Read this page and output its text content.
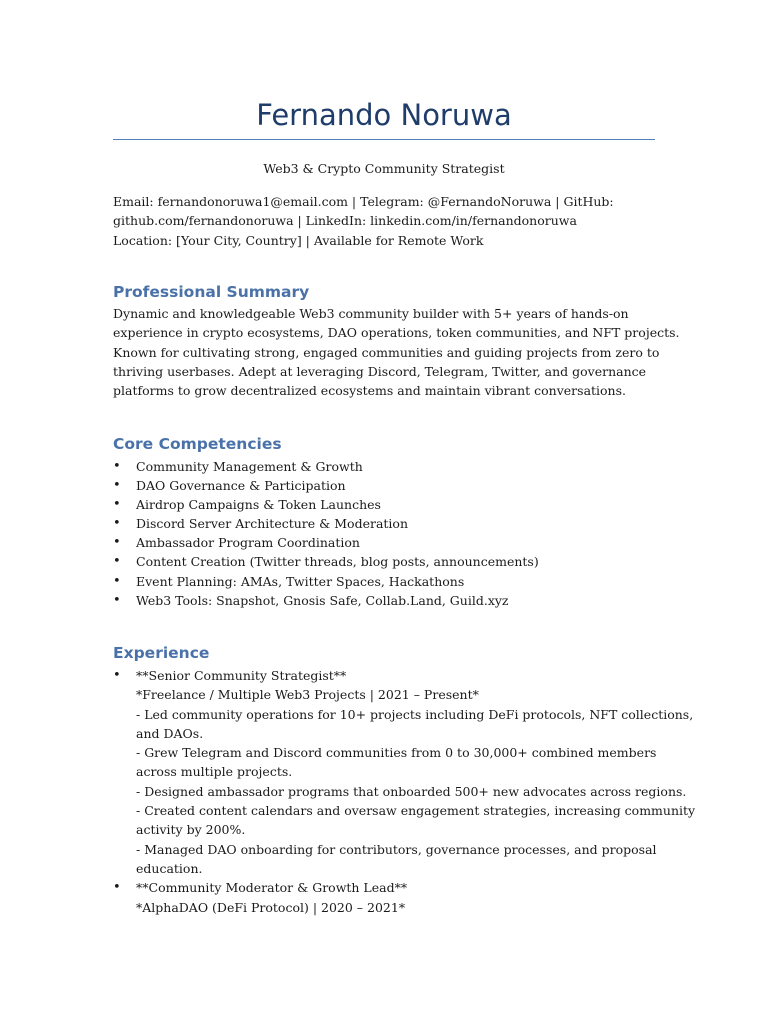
Fernando Noruwa
Web3 & Crypto Community Strategist
Email: fernandonoruwa1@email.com | Telegram: @FernandoNoruwa | GitHub:
github.com/fernandonoruwa | LinkedIn: linkedin.com/in/fernandonoruwa
Location: [Your City, Country] | Available for Remote Work
Professional Summary
Dynamic and knowledgeable Web3 community builder with 5+ years of hands-on
experience in crypto ecosystems, DAO operations, token communities, and NFT projects.
Known for cultivating strong, engaged communities and guiding projects from zero to
thriving userbases. Adept at leveraging Discord, Telegram, Twitter, and governance
platforms to grow decentralized ecosystems and maintain vibrant conversations.
Core Competencies
• Community Management & Growth
• DAO Governance & Participation
• Airdrop Campaigns & Token Launches
• Discord Server Architecture & Moderation
• Ambassador Program Coordination
• Content Creation (Twitter threads, blog posts, announcements)
• Event Planning: AMAs, Twitter Spaces, Hackathons
• Web3 Tools: Snapshot, Gnosis Safe, Collab.Land, Guild.xyz
Experience
• **Senior Community Strategist**
*Freelance / Multiple Web3 Projects | 2021 – Present*
- Led community operations for 10+ projects including DeFi protocols, NFT collections,
and DAOs.
- Grew Telegram and Discord communities from 0 to 30,000+ combined members
across multiple projects.
- Designed ambassador programs that onboarded 500+ new advocates across regions.
- Created content calendars and oversaw engagement strategies, increasing community
activity by 200%.
- Managed DAO onboarding for contributors, governance processes, and proposal
education.
• **Community Moderator & Growth Lead**
*AlphaDAO (DeFi Protocol) | 2020 – 2021*
